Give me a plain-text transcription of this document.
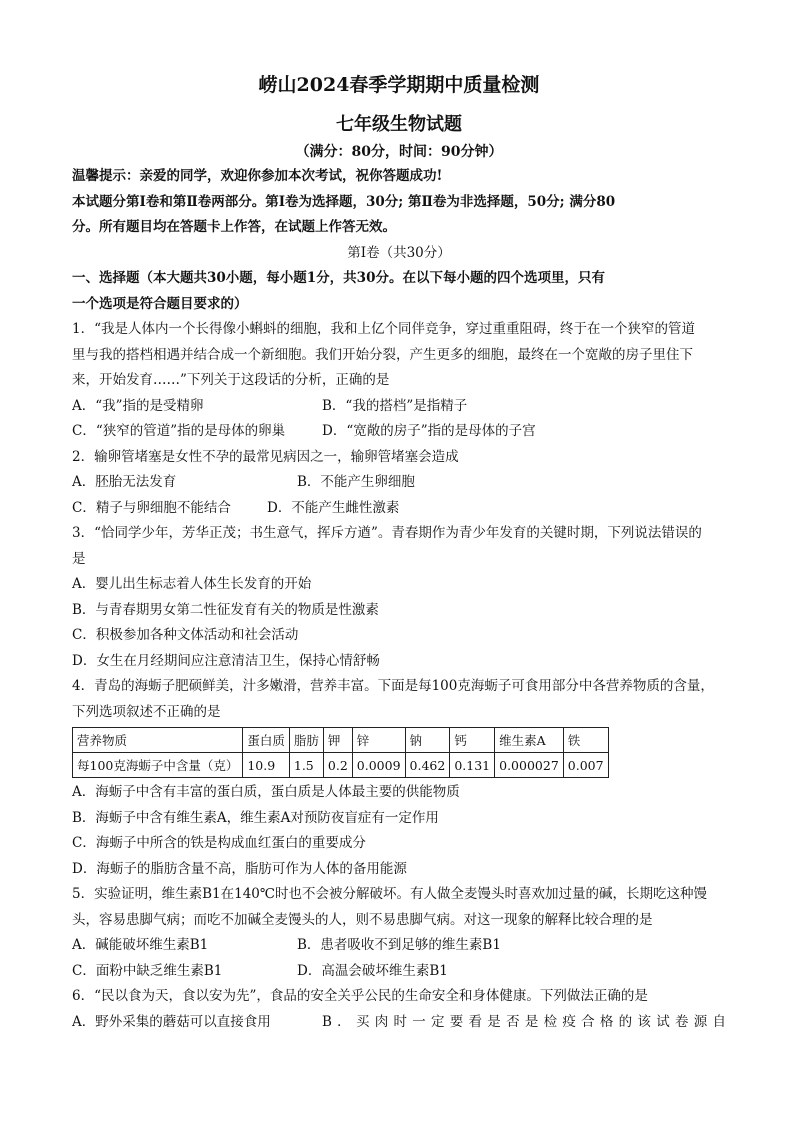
崂山2024春季学期期中质量检测
七年级生物试题
（满分：80分，时间：90分钟）
温馨提示：亲爱的同学，欢迎你参加本次考试，祝你答题成功!
本试题分第Ⅰ卷和第Ⅱ卷两部分。第Ⅰ卷为选择题，30分; 第Ⅱ卷为非选择题，50分; 满分80
分。所有题目均在答题卡上作答，在试题上作答无效。
第Ⅰ卷（共30分）
一、选择题（本大题共30小题，每小题1分，共30分。在以下每小题的四个选项里，只有
一个选项是符合题目要求的）
1．“我是人体内一个长得像小蝌蚪的细胞，我和上亿个同伴竞争，穿过重重阻碍，终于在一个狭窄的管道
里与我的搭档相遇并结合成一个新细胞。我们开始分裂，产生更多的细胞，最终在一个宽敞的房子里住下
来，开始发育……”下列关于这段话的分析，正确的是
A．“我”指的是受精卵	B．“我的搭档”是指精子
C．“狭窄的管道”指的是母体的卵巢	D．“宽敞的房子”指的是母体的子宫
2．输卵管堵塞是女性不孕的最常见病因之一，输卵管堵塞会造成
A．胚胎无法发育	B．不能产生卵细胞
C．精子与卵细胞不能结合	D．不能产生雌性激素
3．“恰同学少年，芳华正茂；书生意气，挥斥方遒”。青春期作为青少年发育的关键时期，下列说法错误的
是
A．婴儿出生标志着人体生长发育的开始
B．与青春期男女第二性征发育有关的物质是性激素
C．积极参加各种文体活动和社会活动
D．女生在月经期间应注意清洁卫生，保持心情舒畅
4．青岛的海蛎子肥硕鲜美，汁多嫩滑，营养丰富。下面是每100克海蛎子可食用部分中各营养物质的含量，
下列选项叙述不正确的是
营养物质	蛋白质	脂肪	钾	锌	钠	钙	维生素A	铁
每100克海蛎子中含量（克）	10.9	1.5	0.2	0.0009	0.462	0.131	0.000027	0.007
A．海蛎子中含有丰富的蛋白质，蛋白质是人体最主要的供能物质
B．海蛎子中含有维生素A，维生素A对预防夜盲症有一定作用
C．海蛎子中所含的铁是构成血红蛋白的重要成分
D．海蛎子的脂肪含量不高，脂肪可作为人体的备用能源
5．实验证明，维生素B1在140℃时也不会被分解破坏。有人做全麦馒头时喜欢加过量的碱，长期吃这种馒
头，容易患脚气病；而吃不加碱全麦馒头的人，则不易患脚气病。对这一现象的解释比较合理的是
A．碱能破坏维生素B1	B．患者吸收不到足够的维生素B1
C．面粉中缺乏维生素B1	D．高温会破坏维生素B1
6．“民以食为天，食以安为先”，食品的安全关乎公民的生命安全和身体健康。下列做法正确的是
A．野外采集的蘑菇可以直接食用	B．买肉时一定要看是否是检疫合格的该试卷源自
